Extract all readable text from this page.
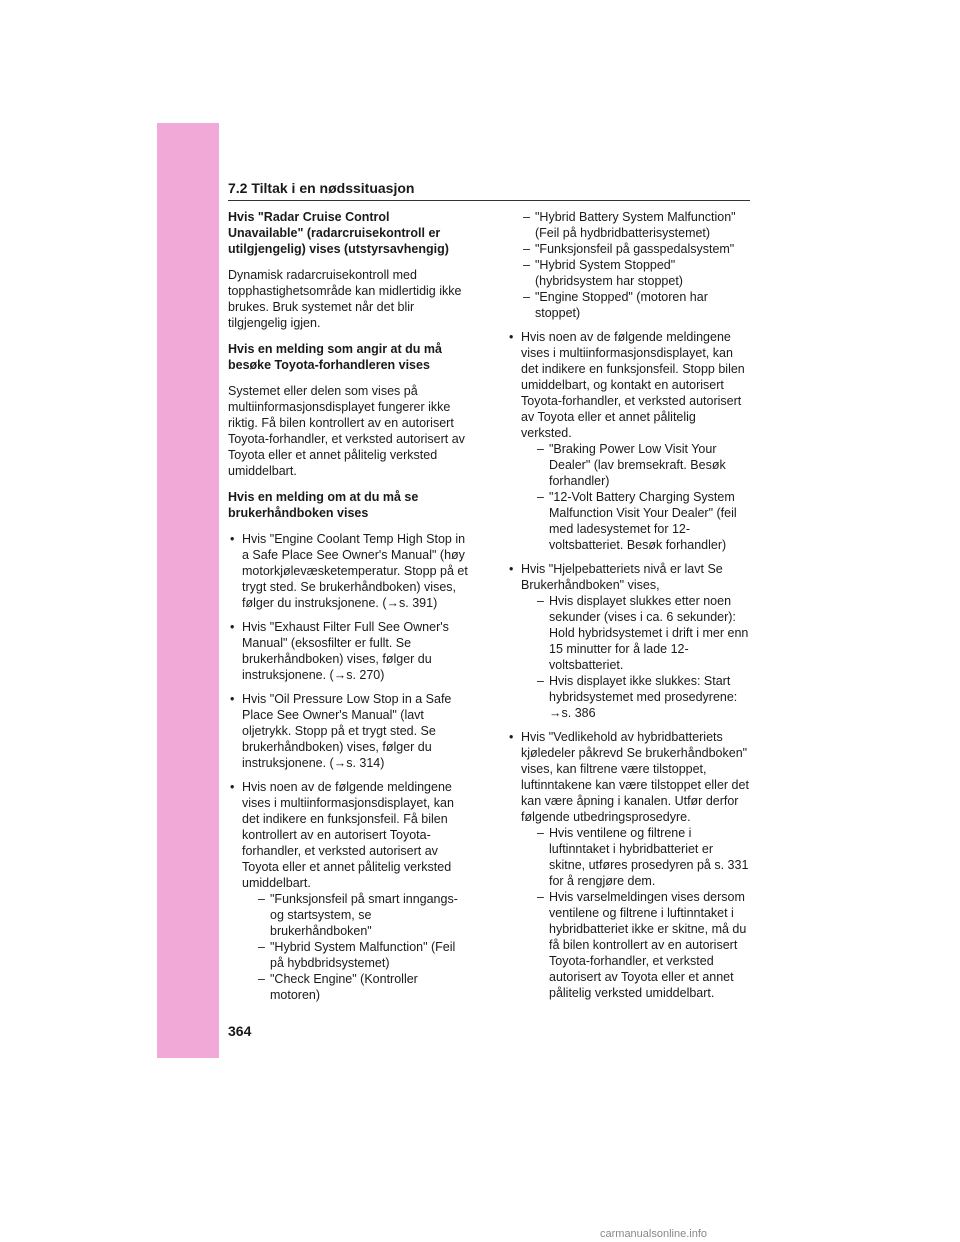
7.2 Tiltak i en nødssituasjon
Hvis "Radar Cruise Control Unavailable" (radarcruisekontroll er utilgjengelig) vises (utstyrsavhengig)

Dynamisk radarcruisekontroll med topphastighetsområde kan midlertidig ikke brukes. Bruk systemet når det blir tilgjengelig igjen.

Hvis en melding som angir at du må besøke Toyota-forhandleren vises

Systemet eller delen som vises på multiinformasjonsdisplayet fungerer ikke riktig. Få bilen kontrollert av en autorisert Toyota-forhandler, et verksted autorisert av Toyota eller et annet pålitelig verksted umiddelbart.

Hvis en melding om at du må se brukerhåndboken vises
• Hvis "Engine Coolant Temp High Stop in a Safe Place See Owner's Manual" (høy motorkjølevæsketemperatur. Stopp på et trygt sted. Se brukerhåndboken) vises, følger du instruksjonene. (→s. 391)
• Hvis "Exhaust Filter Full See Owner's Manual" (eksosfilter er fullt. Se brukerhåndboken) vises, følger du instruksjonene. (→s. 270)
• Hvis "Oil Pressure Low Stop in a Safe Place See Owner's Manual" (lavt oljetrykk. Stopp på et trygt sted. Se brukerhåndboken) vises, følger du instruksjonene. (→s. 314)
• Hvis noen av de følgende meldingene vises i multiinformasjonsdisplayet, kan det indikere en funksjonsfeil. Få bilen kontrollert av en autorisert Toyota-forhandler, et verksted autorisert av Toyota eller et annet pålitelig verksted umiddelbart.
– "Funksjonsfeil på smart inngangs- og startsystem, se brukerhåndboken"
– "Hybrid System Malfunction" (Feil på hybdbridsystemet)
– "Check Engine" (Kontroller motoren)
– "Hybrid Battery System Malfunction" (Feil på hydbridbatterisystemet)
– "Funksjonsfeil på gasspedalsystem"
– "Hybrid System Stopped" (hybridsystem har stoppet)
– "Engine Stopped" (motoren har stoppet)
• Hvis noen av de følgende meldingene vises i multiinformasjonsdisplayet, kan det indikere en funksjonsfeil. Stopp bilen umiddelbart, og kontakt en autorisert Toyota-forhandler, et verksted autorisert av Toyota eller et annet pålitelig verksted.
– "Braking Power Low Visit Your Dealer" (lav bremsekraft. Besøk forhandler)
– "12-Volt Battery Charging System Malfunction Visit Your Dealer" (feil med ladesystemet for 12-voltsbatteriet. Besøk forhandler)
• Hvis "Hjelpebatteriets nivå er lavt Se Brukerhåndboken" vises,
– Hvis displayet slukkes etter noen sekunder (vises i ca. 6 sekunder): Hold hybridsystemet i drift i mer enn 15 minutter for å lade 12-voltsbatteriet.
– Hvis displayet ikke slukkes: Start hybridsystemet med prosedyrene: →s. 386
• Hvis "Vedlikehold av hybridbatteriets kjøledeler påkrevd Se brukerhåndboken" vises, kan filtrene være tilstoppet, luftinntakene kan være tilstoppet eller det kan være åpning i kanalen. Utfør derfor følgende utbedringsprosedyre.
– Hvis ventilene og filtrene i luftinntaket i hybridbatteriet er skitne, utføres prosedyren på s. 331 for å rengjøre dem.
– Hvis varselmeldingen vises dersom ventilene og filtrene i luftinntaket i hybridbatteriet ikke er skitne, må du få bilen kontrollert av en autorisert Toyota-forhandler, et verksted autorisert av Toyota eller et annet pålitelig verksted umiddelbart.
364
carmanualsonline.info
